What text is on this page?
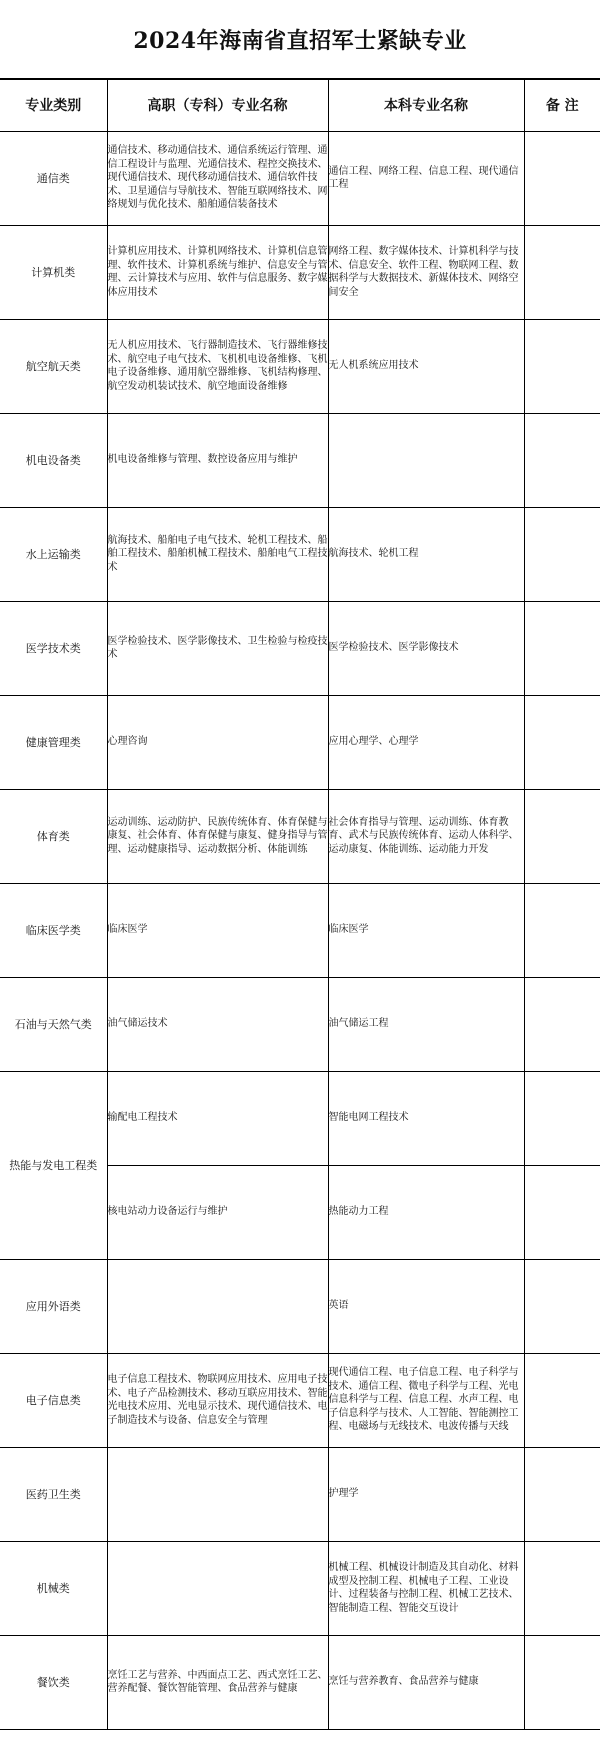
2024年海南省直招军士紧缺专业
专业类别	高职（专科）专业名称	本科专业名称	备 注
通信类	通信技术、移动通信技术、通信系统运行管理、通信工程设计与监理、光通信技术、程控交换技术、现代通信技术、现代移动通信技术、通信软件技术、卫星通信与导航技术、智能互联网络技术、网络规划与优化技术、船舶通信装备技术	通信工程、网络工程、信息工程、现代通信工程	
计算机类	计算机应用技术、计算机网络技术、计算机信息管理、软件技术、计算机系统与维护、信息安全与管理、云计算技术与应用、软件与信息服务、数字媒体应用技术	网络工程、数字媒体技术、计算机科学与技术、信息安全、软件工程、物联网工程、数据科学与大数据技术、新媒体技术、网络空间安全	
航空航天类	无人机应用技术、飞行器制造技术、飞行器维修技术、航空电子电气技术、飞机机电设备维修、飞机电子设备维修、通用航空器维修、飞机结构修理、航空发动机装试技术、航空地面设备维修	无人机系统应用技术	
机电设备类	机电设备维修与管理、数控设备应用与维护		
水上运输类	航海技术、船舶电子电气技术、轮机工程技术、船舶工程技术、船舶机械工程技术、船舶电气工程技术	航海技术、轮机工程	
医学技术类	医学检验技术、医学影像技术、卫生检验与检疫技术	医学检验技术、医学影像技术	
健康管理类	心理咨询	应用心理学、心理学	
体育类	运动训练、运动防护、民族传统体育、体育保健与康复、社会体育、体育保健与康复、健身指导与管理、运动健康指导、运动数据分析、体能训练	社会体育指导与管理、运动训练、体育教育、武术与民族传统体育、运动人体科学、运动康复、体能训练、运动能力开发	
临床医学类	临床医学	临床医学	
石油与天然气类	油气储运技术	油气储运工程	
热能与发电工程类	输配电工程技术	智能电网工程技术	
	核电站动力设备运行与维护	热能动力工程	
应用外语类		英语	
电子信息类	电子信息工程技术、物联网应用技术、应用电子技术、电子产品检测技术、移动互联应用技术、智能光电技术应用、光电显示技术、现代通信技术、电子制造技术与设备、信息安全与管理	现代通信工程、电子信息工程、电子科学与技术、通信工程、微电子科学与工程、光电信息科学与工程、信息工程、水声工程、电子信息科学与技术、人工智能、智能测控工程、电磁场与无线技术、电波传播与天线	
医药卫生类		护理学	
机械类		机械工程、机械设计制造及其自动化、材料成型及控制工程、机械电子工程、工业设计、过程装备与控制工程、机械工艺技术、智能制造工程、智能交互设计	
餐饮类	烹饪工艺与营养、中西面点工艺、西式烹饪工艺、营养配餐、餐饮智能管理、食品营养与健康	烹饪与营养教育、食品营养与健康	
